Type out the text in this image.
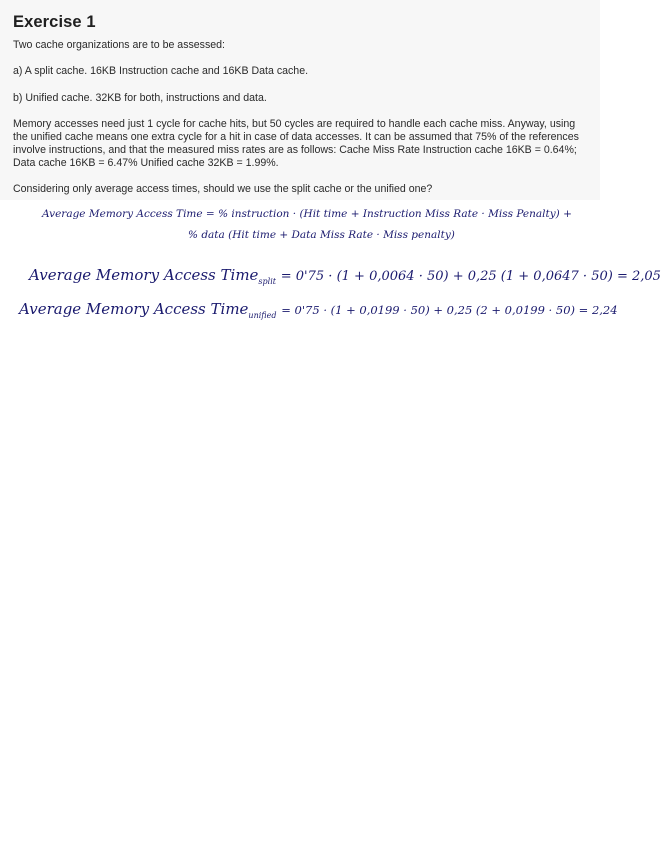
Exercise 1

Two cache organizations are to be assessed:

a) A split cache. 16KB Instruction cache and 16KB Data cache.

b) Unified cache. 32KB for both, instructions and data.

Memory accesses need just 1 cycle for cache hits, but 50 cycles are required to handle each cache miss. Anyway, using the unified cache means one extra cycle for a hit in case of data accesses. It can be assumed that 75% of the references involve instructions, and that the measured miss rates are as follows: Cache Miss Rate Instruction cache 16KB = 0.64%; Data cache 16KB = 6.47% Unified cache 32KB = 1.99%.

Considering only average access times, should we use the split cache or the unified one?

Average Memory Access Time = % instruction · (Hit time + Instruction Miss Rate · Miss Penalty) +
% data (Hit time + Data Miss Rate · Miss penalty)
Average Memory Access Time$_{split}$ = 0'75 · (1 + 0,0064 · 50) + 0,25 (1 + 0,0647 · 50) = 2,05
Average Memory Access Time$_{unified}$ = 0'75 · (1 + 0,0199 · 50) + 0,25 (2 + 0,0199 · 50) = 2,24
